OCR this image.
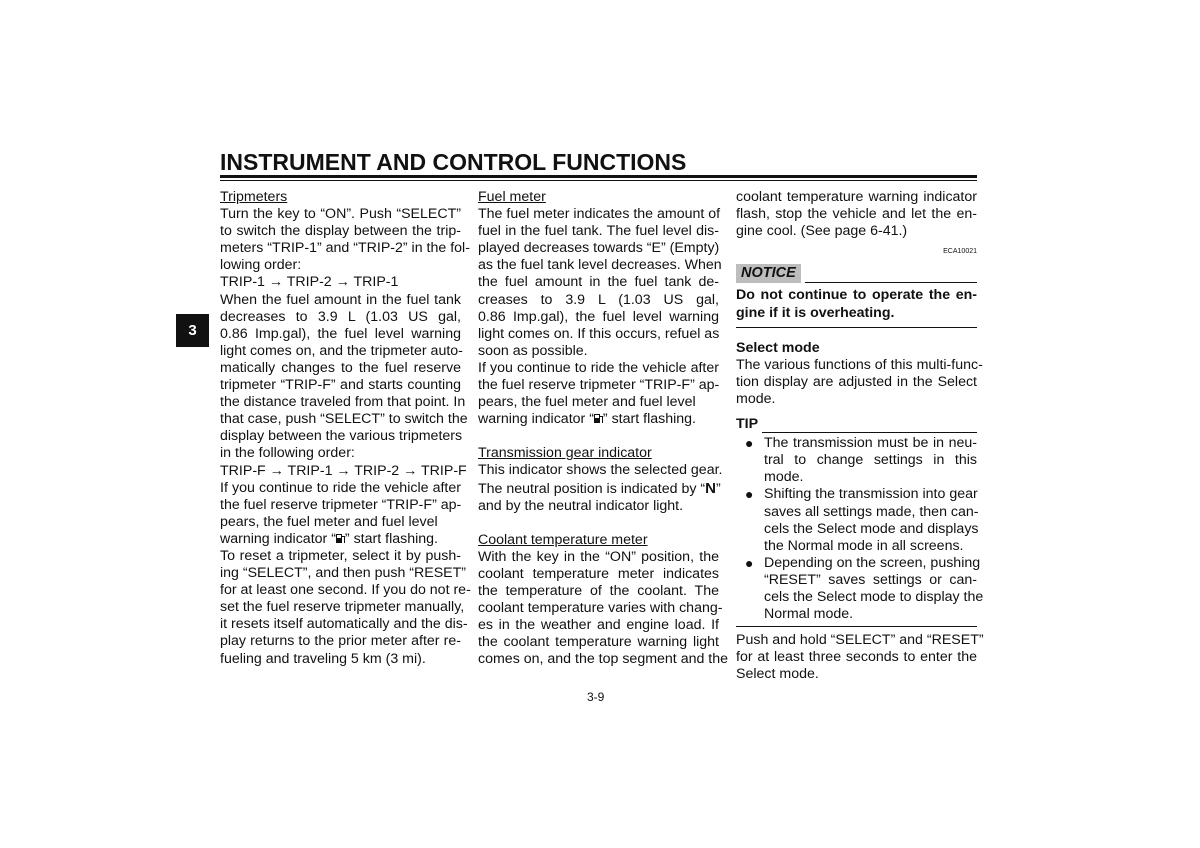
INSTRUMENT AND CONTROL FUNCTIONS
3
Tripmeters
Turn the key to “ON”. Push “SELECT”
to switch the display between the trip-
meters “TRIP-1” and “TRIP-2” in the fol-
lowing order:
TRIP-1 → TRIP-2 → TRIP-1
When the fuel amount in the fuel tank
decreases to 3.9 L (1.03 US gal,
0.86 Imp.gal), the fuel level warning
light comes on, and the tripmeter auto-
matically changes to the fuel reserve
tripmeter “TRIP-F” and starts counting
the distance traveled from that point. In
that case, push “SELECT” to switch the
display between the various tripmeters
in the following order:
TRIP-F → TRIP-1 → TRIP-2 → TRIP-F
If you continue to ride the vehicle after
the fuel reserve tripmeter “TRIP-F” ap-
pears, the fuel meter and fuel level
warning indicator “ ” start flashing.
To reset a tripmeter, select it by push-
ing “SELECT”, and then push “RESET”
for at least one second. If you do not re-
set the fuel reserve tripmeter manually,
it resets itself automatically and the dis-
play returns to the prior meter after re-
fueling and traveling 5 km (3 mi).
Fuel meter
The fuel meter indicates the amount of
fuel in the fuel tank. The fuel level dis-
played decreases towards “E” (Empty)
as the fuel tank level decreases. When
the fuel amount in the fuel tank de-
creases to 3.9 L (1.03 US gal,
0.86 Imp.gal), the fuel level warning
light comes on. If this occurs, refuel as
soon as possible.
If you continue to ride the vehicle after
the fuel reserve tripmeter “TRIP-F” ap-
pears, the fuel meter and fuel level
warning indicator “ ” start flashing.
Transmission gear indicator
This indicator shows the selected gear.
The neutral position is indicated by “N”
and by the neutral indicator light.
Coolant temperature meter
With the key in the “ON” position, the
coolant temperature meter indicates
the temperature of the coolant. The
coolant temperature varies with chang-
es in the weather and engine load. If
the coolant temperature warning light
comes on, and the top segment and the
coolant temperature warning indicator
flash, stop the vehicle and let the en-
gine cool. (See page 6-41.)
ECA10021
NOTICE
Do not continue to operate the en-
gine if it is overheating.
Select mode
The various functions of this multi-func-
tion display are adjusted in the Select
mode.
TIP
● The transmission must be in neu-
tral to change settings in this
mode.
● Shifting the transmission into gear
saves all settings made, then can-
cels the Select mode and displays
the Normal mode in all screens.
● Depending on the screen, pushing
“RESET” saves settings or can-
cels the Select mode to display the
Normal mode.
Push and hold “SELECT” and “RESET”
for at least three seconds to enter the
Select mode.
3-9
